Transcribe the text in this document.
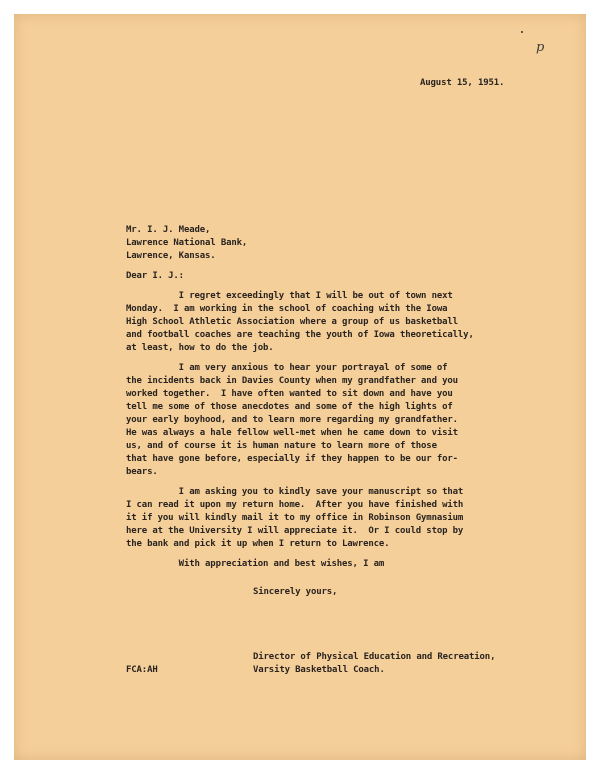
p

August 15, 1951.

Mr. I. J. Meade,

Lawrence National Bank,

Lawrence, Kansas.

Dear I. J.:

I regret exceedingly that I will be out of town next

Monday.  I am working in the school of coaching with the Iowa

High School Athletic Association where a group of us basketball

and football coaches are teaching the youth of Iowa theoretically,

at least, how to do the job.

I am very anxious to hear your portrayal of some of

the incidents back in Davies County when my grandfather and you

worked together.  I have often wanted to sit down and have you

tell me some of those anecdotes and some of the high lights of

your early boyhood, and to learn more regarding my grandfather.

He was always a hale fellow well-met when he came down to visit

us, and of course it is human nature to learn more of those

that have gone before, especially if they happen to be our for-

bears.

I am asking you to kindly save your manuscript so that

I can read it upon my return home.  After you have finished with

it if you will kindly mail it to my office in Robinson Gymnasium

here at the University I will appreciate it.  Or I could stop by

the bank and pick it up when I return to Lawrence.

With appreciation and best wishes, I am

Sincerely yours,

Director of Physical Education and Recreation,

Varsity Basketball Coach.

FCA:AH
